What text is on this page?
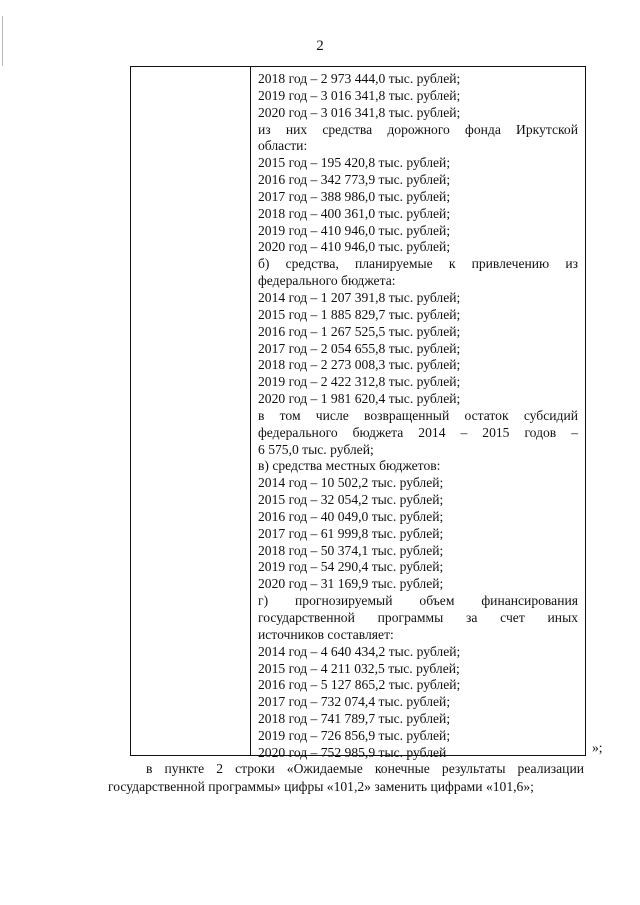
2
2018 год – 2 973 444,0 тыс. рублей;
2019 год – 3 016 341,8 тыс. рублей;
2020 год – 3 016 341,8 тыс. рублей;
из них средства дорожного фонда Иркутской
области:
2015 год – 195 420,8 тыс. рублей;
2016 год – 342 773,9 тыс. рублей;
2017 год – 388 986,0 тыс. рублей;
2018 год – 400 361,0 тыс. рублей;
2019 год – 410 946,0 тыс. рублей;
2020 год – 410 946,0 тыс. рублей;
б) средства, планируемые к привлечению из
федерального бюджета:
2014 год – 1 207 391,8 тыс. рублей;
2015 год – 1 885 829,7 тыс. рублей;
2016 год – 1 267 525,5 тыс. рублей;
2017 год – 2 054 655,8 тыс. рублей;
2018 год – 2 273 008,3 тыс. рублей;
2019 год – 2 422 312,8 тыс. рублей;
2020 год – 1 981 620,4 тыс. рублей;
в том числе возвращенный остаток субсидий
федерального бюджета 2014 – 2015 годов –
6 575,0 тыс. рублей;
в) средства местных бюджетов:
2014 год – 10 502,2 тыс. рублей;
2015 год – 32 054,2 тыс. рублей;
2016 год – 40 049,0 тыс. рублей;
2017 год – 61 999,8 тыс. рублей;
2018 год – 50 374,1 тыс. рублей;
2019 год – 54 290,4 тыс. рублей;
2020 год – 31 169,9 тыс. рублей;
г) прогнозируемый объем финансирования
государственной программы за счет иных
источников составляет:
2014 год – 4 640 434,2 тыс. рублей;
2015 год – 4 211 032,5 тыс. рублей;
2016 год – 5 127 865,2 тыс. рублей;
2017 год – 732 074,4 тыс. рублей;
2018 год – 741 789,7 тыс. рублей;
2019 год – 726 856,9 тыс. рублей;
2020 год – 752 985,9 тыс. рублей	»;
в пункте 2 строки «Ожидаемые конечные результаты реализации
государственной программы» цифры «101,2» заменить цифрами «101,6»;
